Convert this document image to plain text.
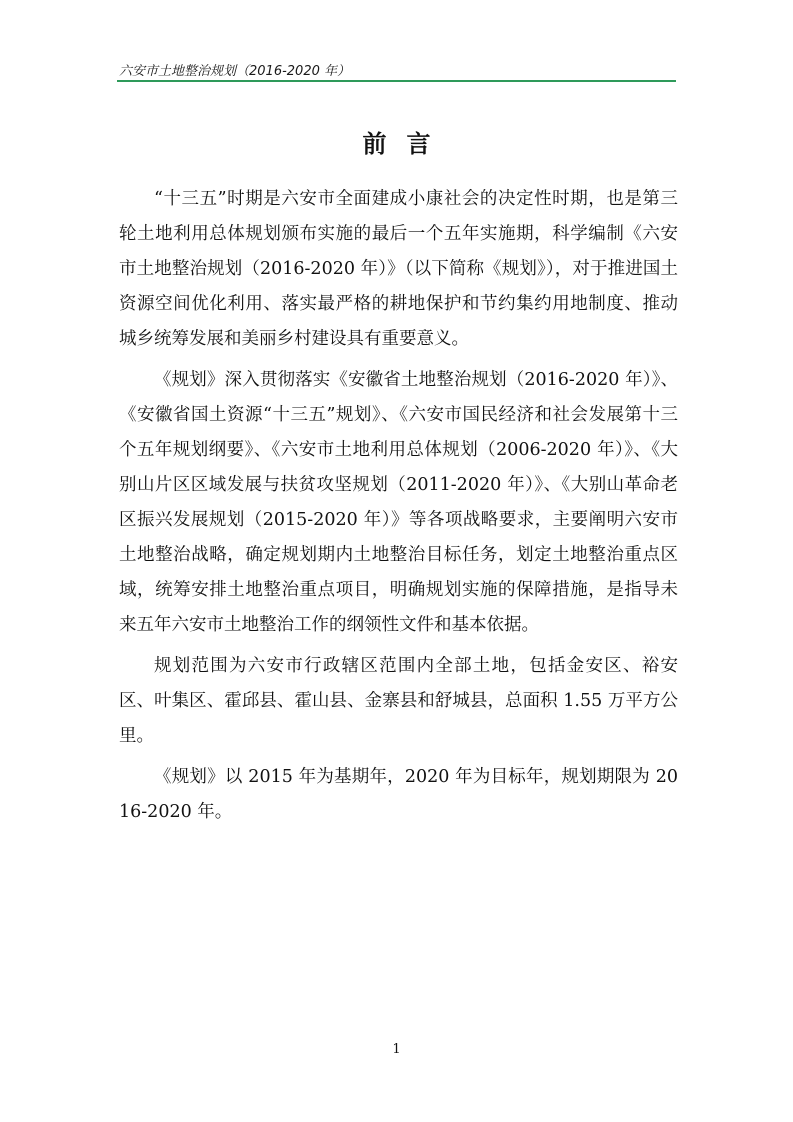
六安市土地整治规划（2016-2020 年）
前言

“十三五”时期是六安市全面建成小康社会的决定性时期，也是第三轮土地利用总体规划颁布实施的最后一个五年实施期，科学编制《六安市土地整治规划（2016-2020 年）》（以下简称《规划》），对于推进国土资源空间优化利用、落实最严格的耕地保护和节约集约用地制度、推动城乡统筹发展和美丽乡村建设具有重要意义。

《规划》深入贯彻落实《安徽省土地整治规划（2016-2020 年）》、《安徽省国土资源“十三五”规划》、《六安市国民经济和社会发展第十三个五年规划纲要》、《六安市土地利用总体规划（2006-2020 年）》、《大别山片区区域发展与扶贫攻坚规划（2011-2020 年）》、《大别山革命老区振兴发展规划（2015-2020 年）》等各项战略要求，主要阐明六安市土地整治战略，确定规划期内土地整治目标任务，划定土地整治重点区域，统筹安排土地整治重点项目，明确规划实施的保障措施，是指导未来五年六安市土地整治工作的纲领性文件和基本依据。

规划范围为六安市行政辖区范围内全部土地，包括金安区、裕安区、叶集区、霍邱县、霍山县、金寨县和舒城县，总面积 1.55 万平方公里。

《规划》以 2015 年为基期年，2020 年为目标年，规划期限为 2016-2020 年。

1
